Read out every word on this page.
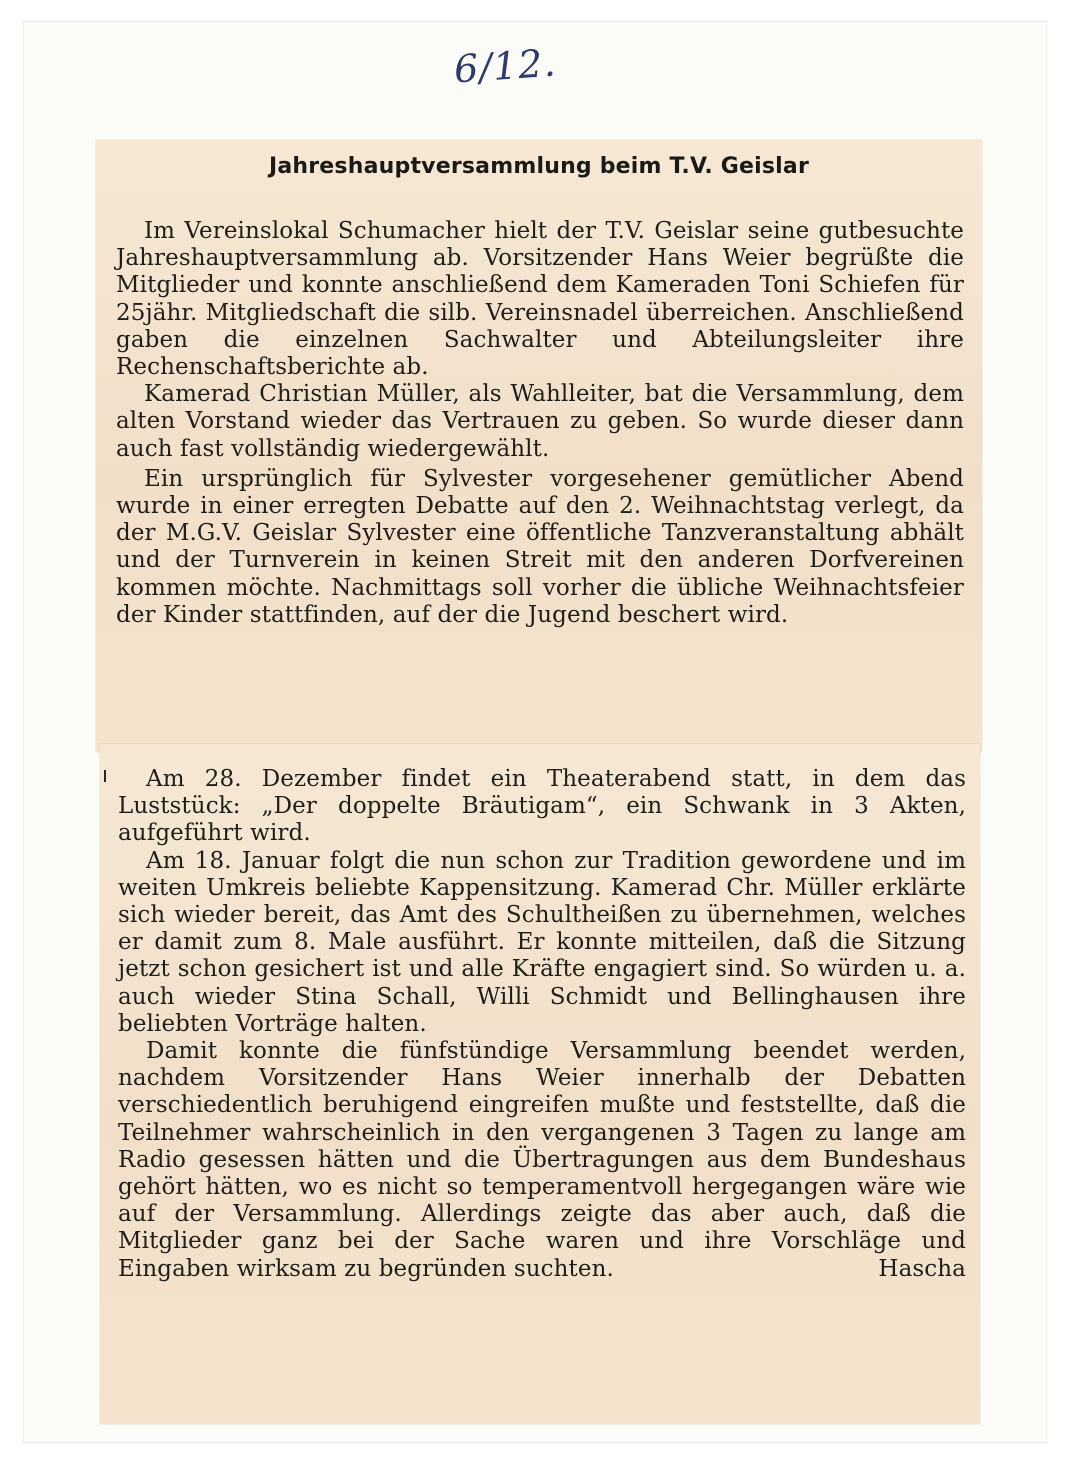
6/12.
Jahreshauptversammlung beim T.V. Geislar

Im Vereinslokal Schumacher hielt der T.V. Geislar seine gutbesuchte Jahreshauptversammlung ab. Vorsitzender Hans Weier begrüßte die Mitglieder und konnte anschließend dem Kameraden Toni Schiefen für 25jähr. Mitgliedschaft die silb. Vereinsnadel überreichen. Anschließend gaben die einzelnen Sachwalter und Abteilungsleiter ihre Rechenschaftsberichte ab.

Kamerad Christian Müller, als Wahlleiter, bat die Versammlung, dem alten Vorstand wieder das Vertrauen zu geben. So wurde dieser dann auch fast vollständig wiedergewählt.

Ein ursprünglich für Sylvester vorgesehener gemütlicher Abend wurde in einer erregten Debatte auf den 2. Weihnachtstag verlegt, da der M.G.V. Geislar Sylvester eine öffentliche Tanzveranstaltung abhält und der Turnverein in keinen Streit mit den anderen Dorfvereinen kommen möchte. Nachmittags soll vorher die übliche Weihnachtsfeier der Kinder stattfinden, auf der die Jugend beschert wird.

Am 28. Dezember findet ein Theaterabend statt, in dem das Luststück: „Der doppelte Bräutigam“, ein Schwank in 3 Akten, aufgeführt wird.

Am 18. Januar folgt die nun schon zur Tradition gewordene und im weiten Umkreis beliebte Kappensitzung. Kamerad Chr. Müller erklärte sich wieder bereit, das Amt des Schultheißen zu übernehmen, welches er damit zum 8. Male ausführt. Er konnte mitteilen, daß die Sitzung jetzt schon gesichert ist und alle Kräfte engagiert sind. So würden u. a. auch wieder Stina Schall, Willi Schmidt und Bellinghausen ihre beliebten Vorträge halten.

Damit konnte die fünfstündige Versammlung beendet werden, nachdem Vorsitzender Hans Weier innerhalb der Debatten verschiedentlich beruhigend eingreifen mußte und feststellte, daß die Teilnehmer wahrscheinlich in den vergangenen 3 Tagen zu lange am Radio gesessen hätten und die Übertragungen aus dem Bundeshaus gehört hätten, wo es nicht so temperamentvoll hergegangen wäre wie auf der Versammlung. Allerdings zeigte das aber auch, daß die Mitglieder ganz bei der Sache waren und ihre Vorschläge und Eingaben wirksam zu begründen suchten.	Hascha
